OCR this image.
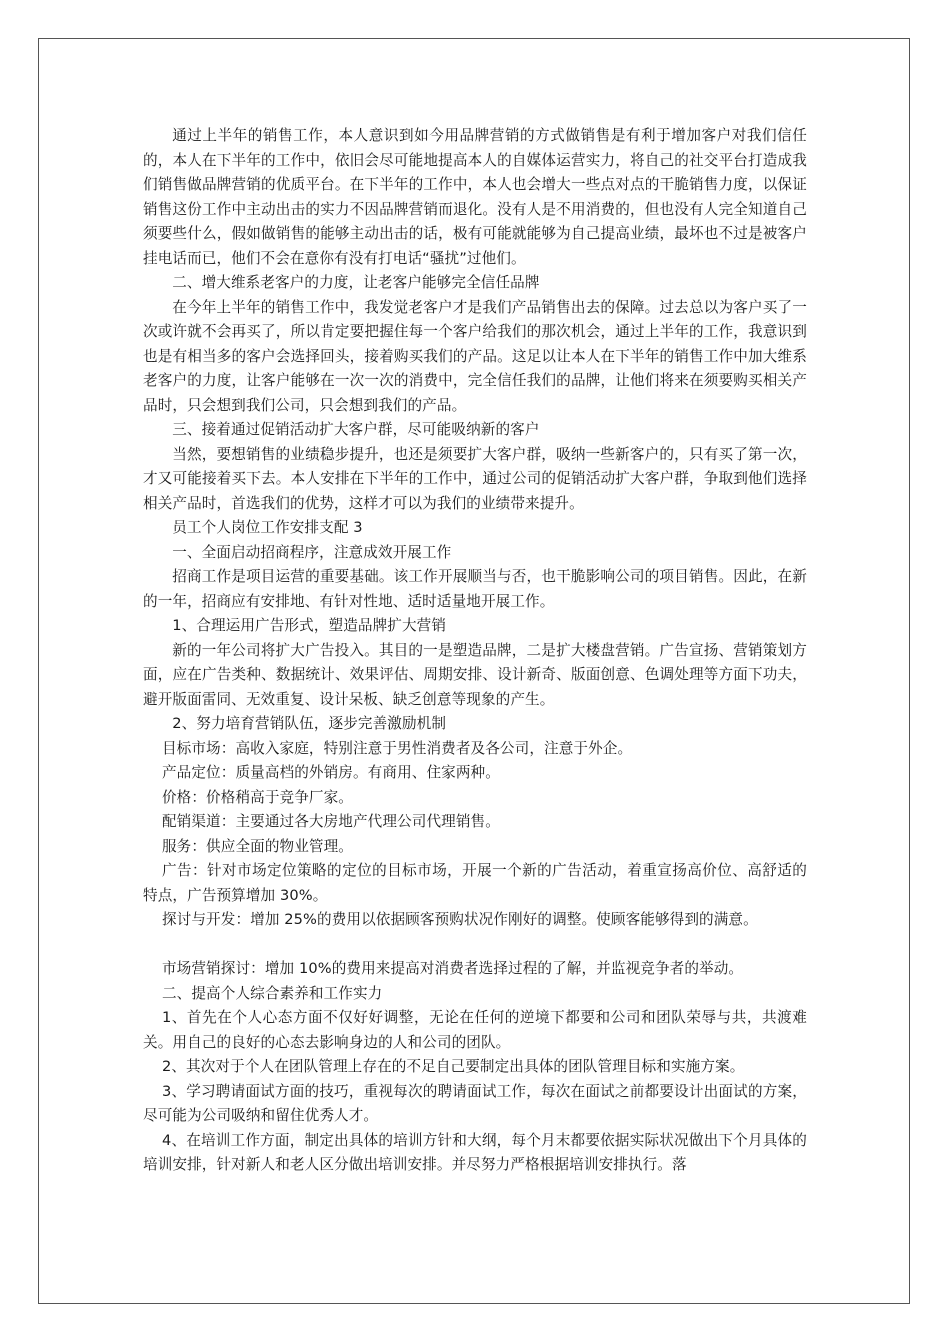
通过上半年的销售工作，本人意识到如今用品牌营销的方式做销售是有利于增加客户对我们信任的，本人在下半年的工作中，依旧会尽可能地提高本人的自媒体运营实力，将自己的社交平台打造成我们销售做品牌营销的优质平台。在下半年的工作中，本人也会增大一些点对点的干脆销售力度，以保证销售这份工作中主动出击的实力不因品牌营销而退化。没有人是不用消费的，但也没有人完全知道自己须要些什么，假如做销售的能够主动出击的话，极有可能就能够为自己提高业绩，最坏也不过是被客户挂电话而已，他们不会在意你有没有打电话“骚扰”过他们。

二、增大维系老客户的力度，让老客户能够完全信任品牌

在今年上半年的销售工作中，我发觉老客户才是我们产品销售出去的保障。过去总以为客户买了一次或许就不会再买了，所以肯定要把握住每一个客户给我们的那次机会，通过上半年的工作，我意识到也是有相当多的客户会选择回头，接着购买我们的产品。这足以让本人在下半年的销售工作中加大维系老客户的力度，让客户能够在一次一次的消费中，完全信任我们的品牌，让他们将来在须要购买相关产品时，只会想到我们公司，只会想到我们的产品。

三、接着通过促销活动扩大客户群，尽可能吸纳新的客户

当然，要想销售的业绩稳步提升，也还是须要扩大客户群，吸纳一些新客户的，只有买了第一次，才又可能接着买下去。本人安排在下半年的工作中，通过公司的促销活动扩大客户群，争取到他们选择相关产品时，首选我们的优势，这样才可以为我们的业绩带来提升。

员工个人岗位工作安排支配 3

一、全面启动招商程序，注意成效开展工作

招商工作是项目运营的重要基础。该工作开展顺当与否，也干脆影响公司的项目销售。因此，在新的一年，招商应有安排地、有针对性地、适时适量地开展工作。

1、合理运用广告形式，塑造品牌扩大营销

新的一年公司将扩大广告投入。其目的一是塑造品牌，二是扩大楼盘营销。广告宣扬、营销策划方面，应在广告类种、数据统计、效果评估、周期安排、设计新奇、版面创意、色调处理等方面下功夫，避开版面雷同、无效重复、设计呆板、缺乏创意等现象的产生。

2、努力培育营销队伍，逐步完善激励机制

目标市场：高收入家庭，特别注意于男性消费者及各公司，注意于外企。

产品定位：质量高档的外销房。有商用、住家两种。

价格：价格稍高于竞争厂家。

配销渠道：主要通过各大房地产代理公司代理销售。

服务：供应全面的物业管理。

广告：针对市场定位策略的定位的目标市场，开展一个新的广告活动，着重宣扬高价位、高舒适的特点，广告预算增加 30%。

探讨与开发：增加 25%的费用以依据顾客预购状况作刚好的调整。使顾客能够得到的满意。

市场营销探讨：增加 10%的费用来提高对消费者选择过程的了解，并监视竞争者的举动。

二、提高个人综合素养和工作实力

1、首先在个人心态方面不仅好好调整，无论在任何的逆境下都要和公司和团队荣辱与共，共渡难关。用自己的良好的心态去影响身边的人和公司的团队。

2、其次对于个人在团队管理上存在的不足自己要制定出具体的团队管理目标和实施方案。

3、学习聘请面试方面的技巧，重视每次的聘请面试工作，每次在面试之前都要设计出面试的方案，尽可能为公司吸纳和留住优秀人才。

4、在培训工作方面，制定出具体的培训方针和大纲，每个月末都要依据实际状况做出下个月具体的培训安排，针对新人和老人区分做出培训安排。并尽努力严格根据培训安排执行。落
